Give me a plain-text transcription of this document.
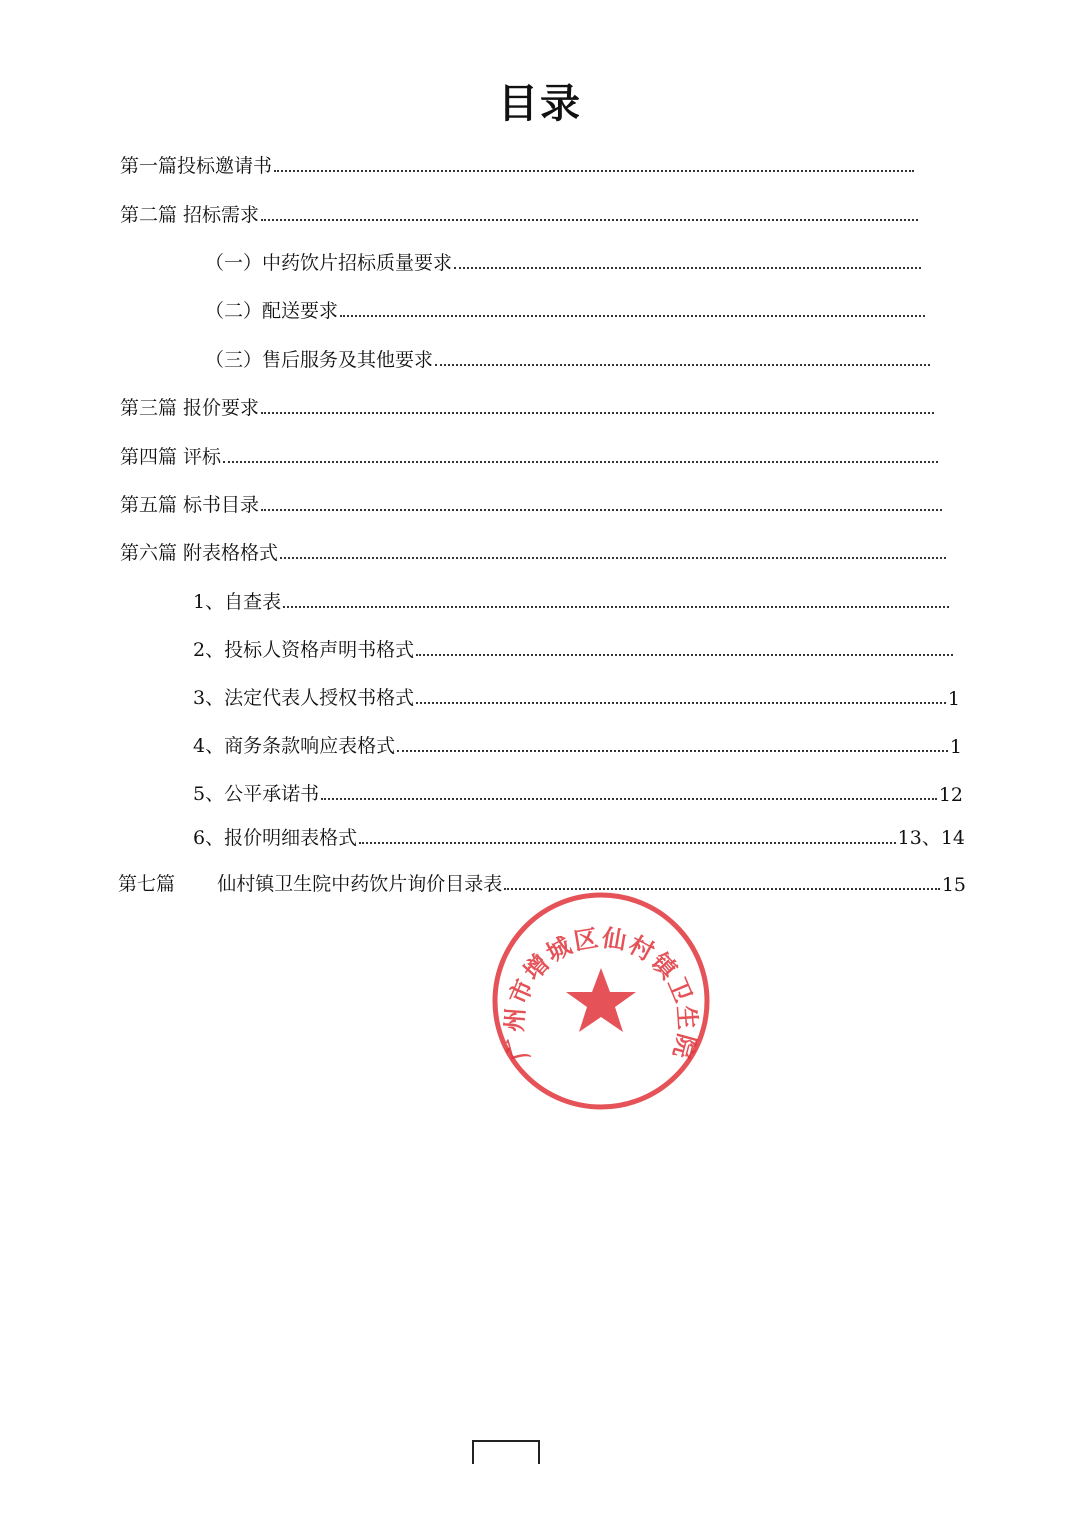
目录
第一篇投标邀请书
第二篇 招标需求
（一）中药饮片招标质量要求
（二）配送要求
（三）售后服务及其他要求
第三篇 报价要求
第四篇 评标
第五篇 标书目录
第六篇 附表格格式
1、自查表
2、投标人资格声明书格式
3、法定代表人授权书格式	1
4、商务条款响应表格式	1
5、公平承诺书	12
6、报价明细表格式	13、14
第七篇       仙村镇卫生院中药饮片询价目录表	15
广州市增城区仙村镇卫生院
